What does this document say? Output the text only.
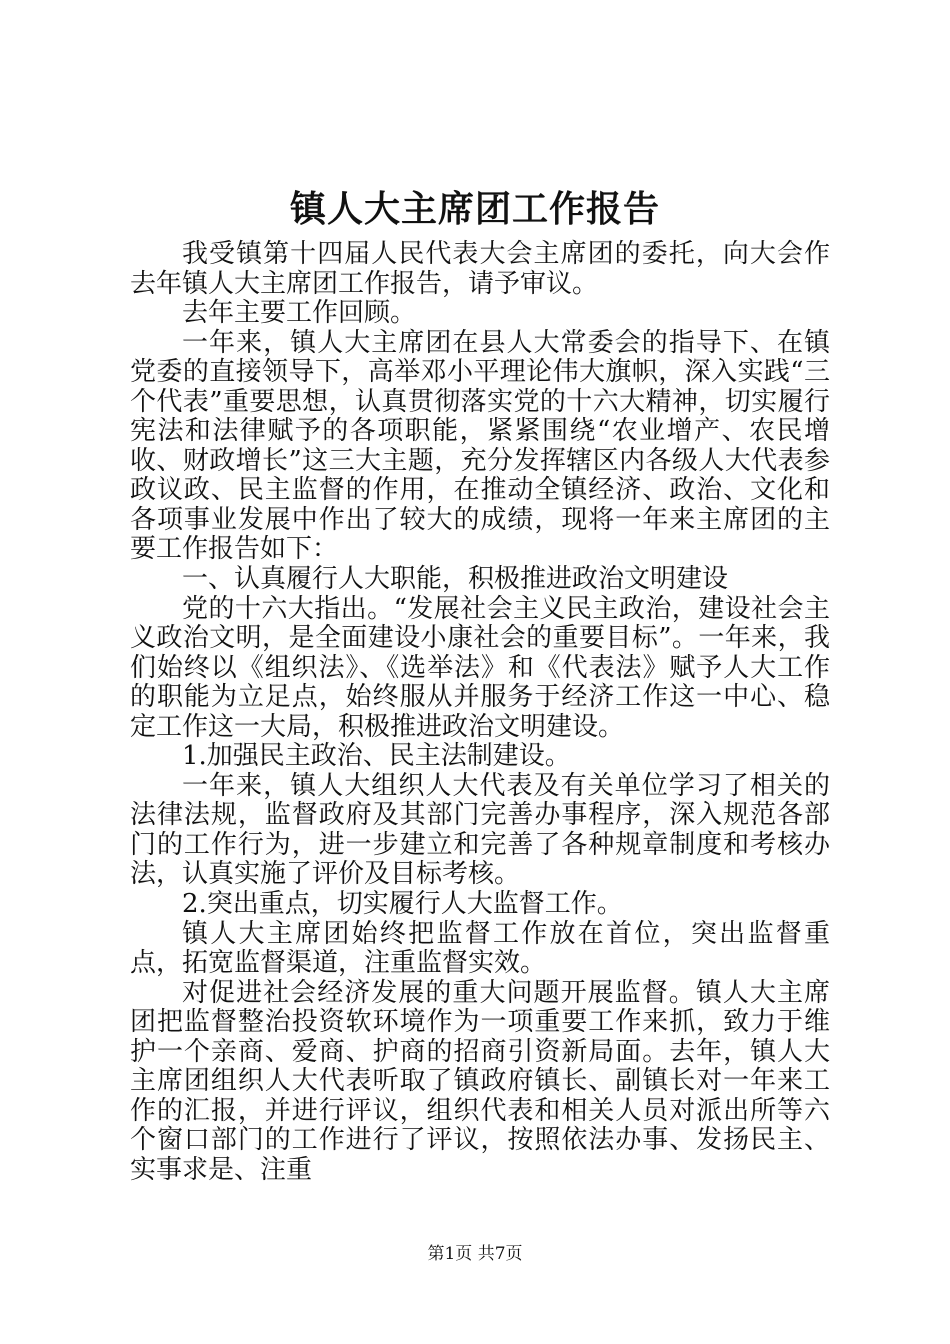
镇人大主席团工作报告

我受镇第十四届人民代表大会主席团的委托，向大会作去年镇人大主席团工作报告，请予审议。

去年主要工作回顾。

一年来，镇人大主席团在县人大常委会的指导下、在镇党委的直接领导下，高举邓小平理论伟大旗帜，深入实践“三个代表”重要思想，认真贯彻落实党的十六大精神，切实履行宪法和法律赋予的各项职能，紧紧围绕“农业增产、农民增收、财政增长”这三大主题，充分发挥辖区内各级人大代表参政议政、民主监督的作用，在推动全镇经济、政治、文化和各项事业发展中作出了较大的成绩，现将一年来主席团的主要工作报告如下：

一、认真履行人大职能，积极推进政治文明建设

党的十六大指出。“发展社会主义民主政治，建设社会主义政治文明，是全面建设小康社会的重要目标”。一年来，我们始终以《组织法》、《选举法》和《代表法》赋予人大工作的职能为立足点，始终服从并服务于经济工作这一中心、稳定工作这一大局，积极推进政治文明建设。

1.加强民主政治、民主法制建设。

一年来，镇人大组织人大代表及有关单位学习了相关的法律法规，监督政府及其部门完善办事程序，深入规范各部门的工作行为，进一步建立和完善了各种规章制度和考核办法，认真实施了评价及目标考核。

2.突出重点，切实履行人大监督工作。

镇人大主席团始终把监督工作放在首位，突出监督重点，拓宽监督渠道，注重监督实效。

对促进社会经济发展的重大问题开展监督。镇人大主席团把监督整治投资软环境作为一项重要工作来抓，致力于维护一个亲商、爱商、护商的招商引资新局面。去年，镇人大主席团组织人大代表听取了镇政府镇长、副镇长对一年来工作的汇报，并进行评议，组织代表和相关人员对派出所等六个窗口部门的工作进行了评议，按照依法办事、发扬民主、实事求是、注重

第1页 共7页
